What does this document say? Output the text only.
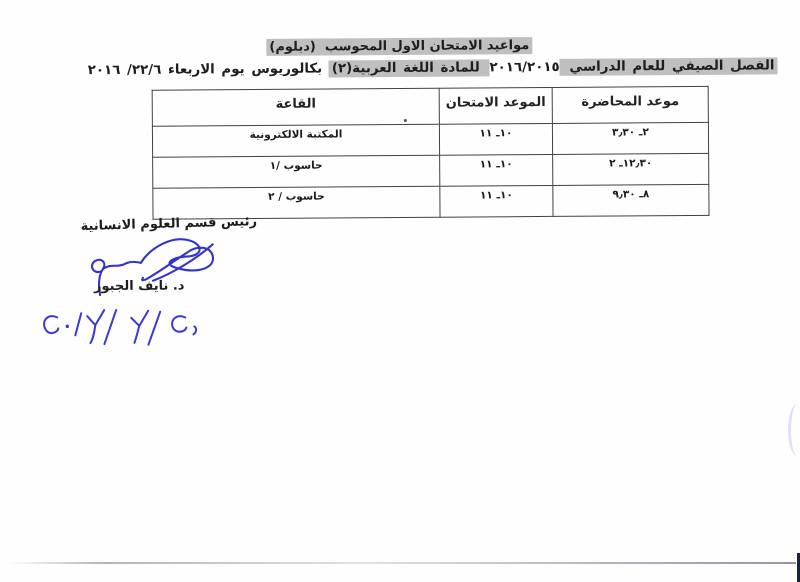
مواعيد الامتحان الاول المحوسب  (دبلوم)
الفصل الصيفي للعام الدراسي ٢٠١٦/٢٠١٥ للمادة اللغة العربية(٢) بكالوريوس يوم الاربعاء ٢٢/٦/ ٢٠١٦
موعد المحاضرة	الموعد الامتحان	القاعة
٢ـ ٣٫٣٠	١٠ـ ١١	المكتبة الالكترونية
١٢٫٣٠ـ ٢	١٠ـ ١١	حاسوب /١
٨ـ ٩٫٣٠	١٠ـ ١١	حاسوب / ٢
رئيس قسم العلوم الانسانية
د. نايف الجبور
